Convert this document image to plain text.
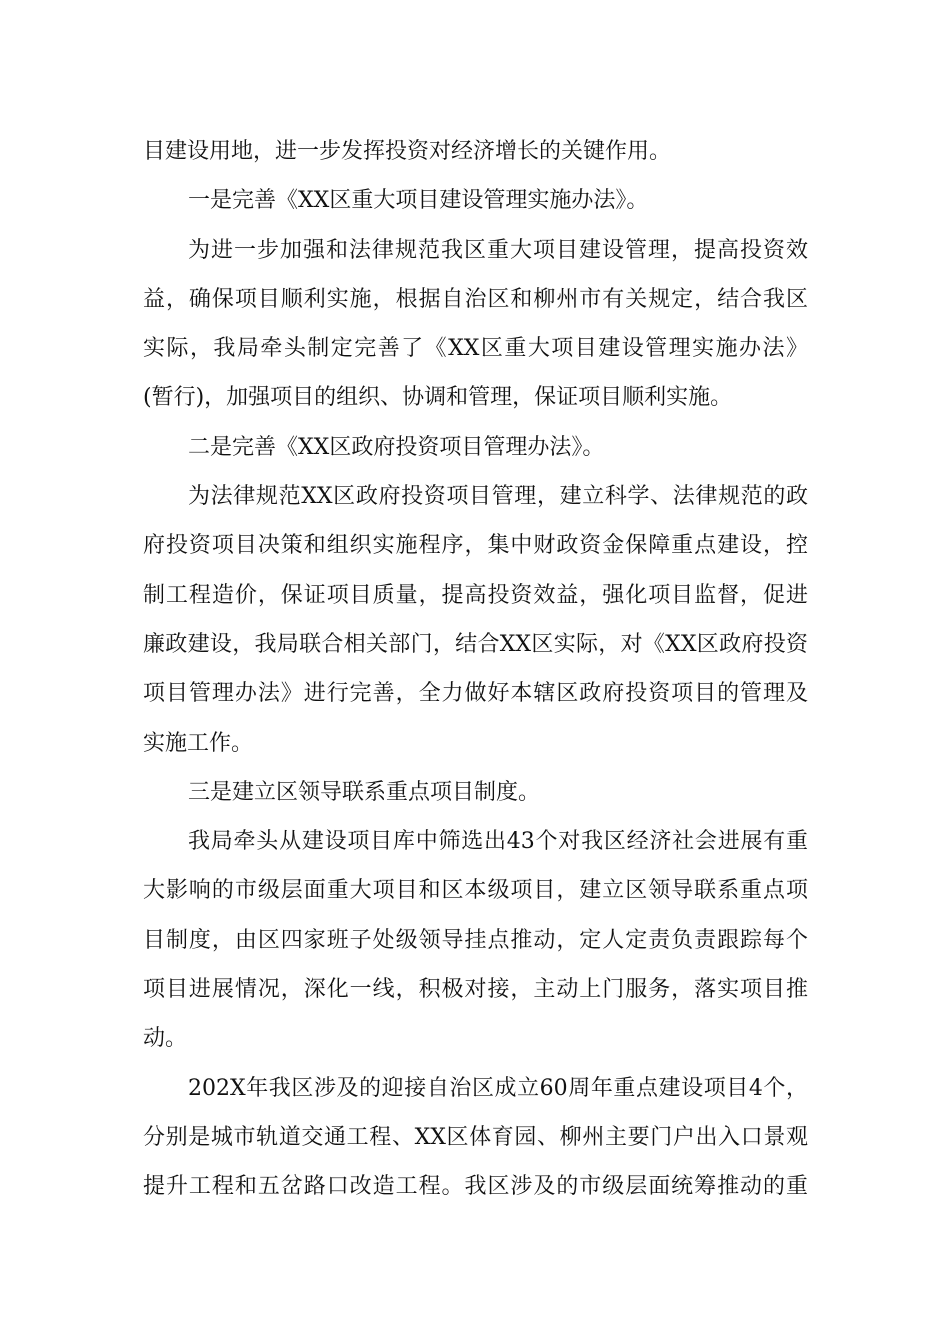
目建设用地，进一步发挥投资对经济增长的关键作用。
一是完善《XX区重大项目建设管理实施办法》。
为进一步加强和法律规范我区重大项目建设管理，提高投资效
益，确保项目顺利实施，根据自治区和柳州市有关规定，结合我区
实际，我局牵头制定完善了《XX区重大项目建设管理实施办法》
(暂行)，加强项目的组织、协调和管理，保证项目顺利实施。
二是完善《XX区政府投资项目管理办法》。
为法律规范XX区政府投资项目管理，建立科学、法律规范的政
府投资项目决策和组织实施程序，集中财政资金保障重点建设，控
制工程造价，保证项目质量，提高投资效益，强化项目监督，促进
廉政建设，我局联合相关部门，结合XX区实际，对《XX区政府投资
项目管理办法》进行完善，全力做好本辖区政府投资项目的管理及
实施工作。
三是建立区领导联系重点项目制度。
我局牵头从建设项目库中筛选出43个对我区经济社会进展有重
大影响的市级层面重大项目和区本级项目，建立区领导联系重点项
目制度，由区四家班子处级领导挂点推动，定人定责负责跟踪每个
项目进展情况，深化一线，积极对接，主动上门服务，落实项目推
动。
202X年我区涉及的迎接自治区成立60周年重点建设项目4个，
分别是城市轨道交通工程、XX区体育园、柳州主要门户出入口景观
提升工程和五岔路口改造工程。我区涉及的市级层面统筹推动的重
